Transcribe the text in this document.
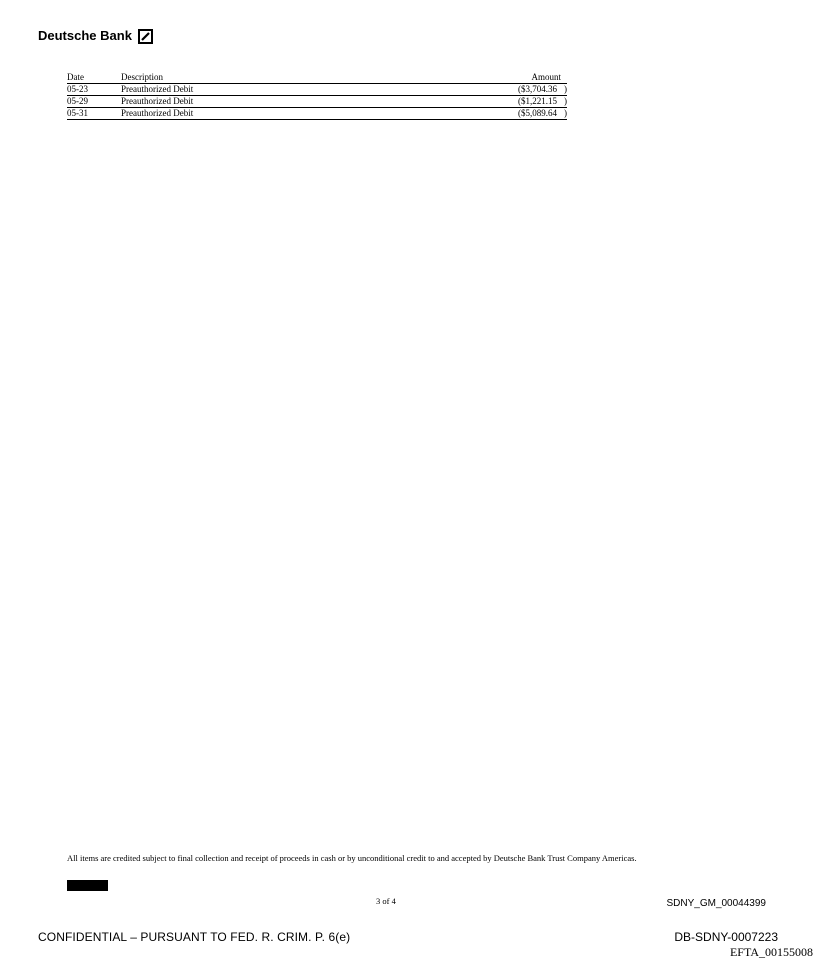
Deutsche Bank
Date	Description	Amount
05-23	Preauthorized Debit	($3,704.36 )
05-29	Preauthorized Debit	($1,221.15 )
05-31	Preauthorized Debit	($5,089.64 )
All items are credited subject to final collection and receipt of proceeds in cash or by unconditional credit to and accepted by Deutsche Bank Trust Company Americas.
3 of 4	SDNY_GM_00044399
CONFIDENTIAL – PURSUANT TO FED. R. CRIM. P. 6(e)	DB-SDNY-0007223
EFTA_00155008
